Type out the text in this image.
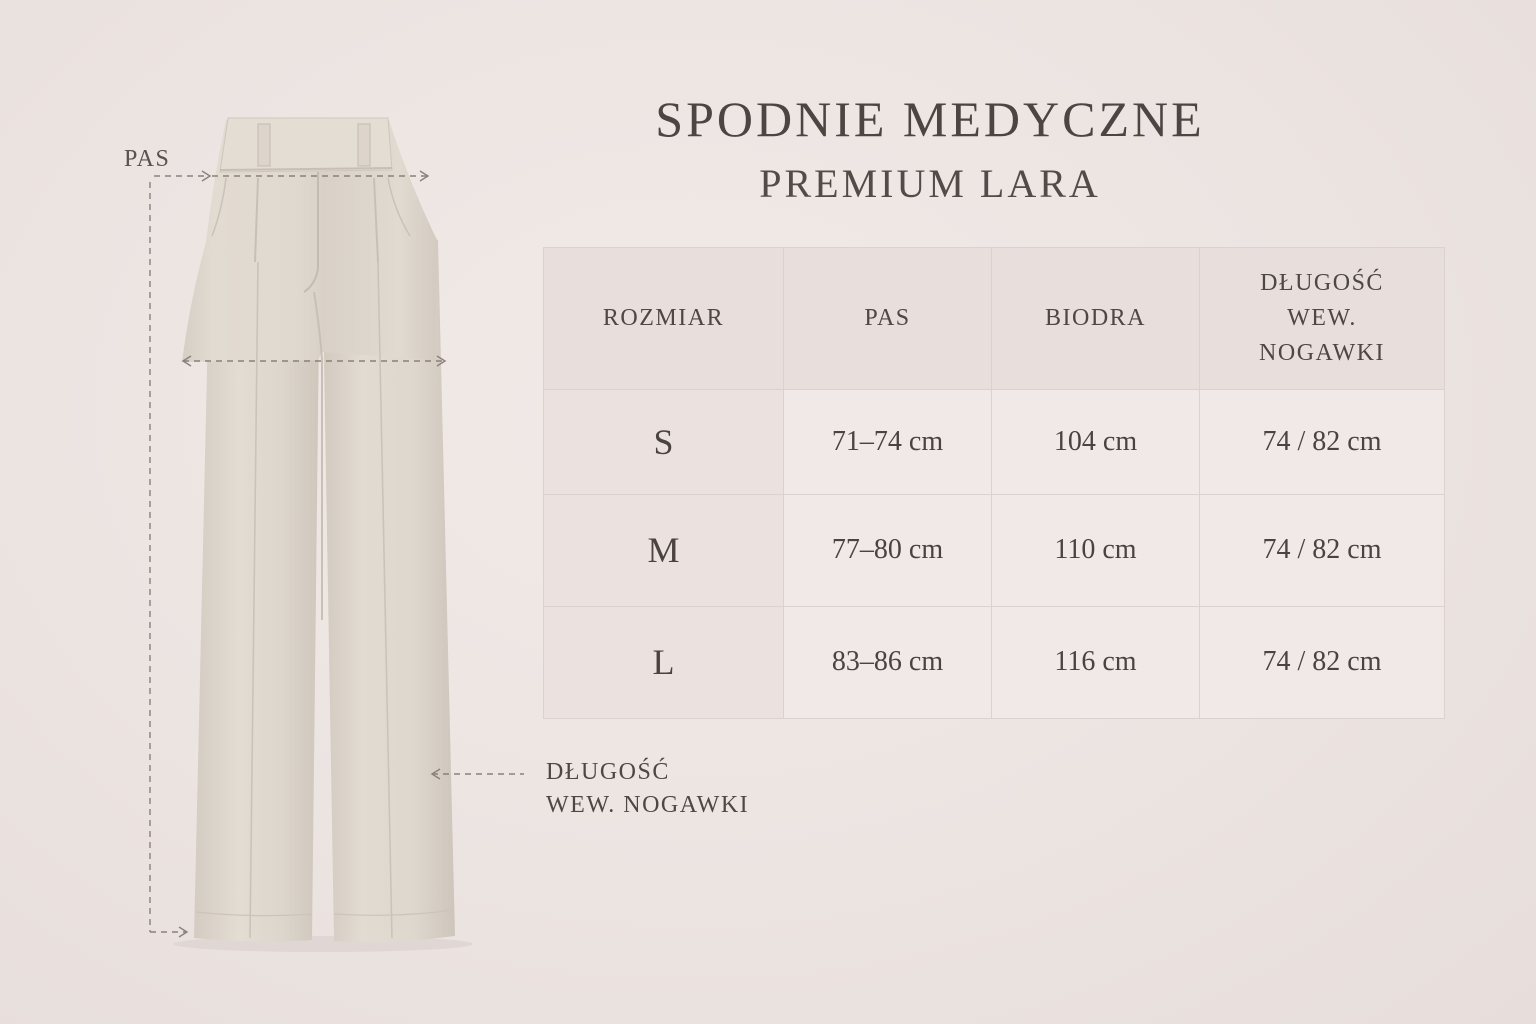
PAS
DŁUGOŚĆ
WEW. NOGAWKI
SPODNIE MEDYCZNE
PREMIUM LARA
ROZMIAR	PAS	BIODRA	DŁUGOŚĆ
WEW.
NOGAWKI

S	71–74 cm	104 cm	74 / 82 cm
M	77–80 cm	110 cm	74 / 82 cm
L	83–86 cm	116 cm	74 / 82 cm
